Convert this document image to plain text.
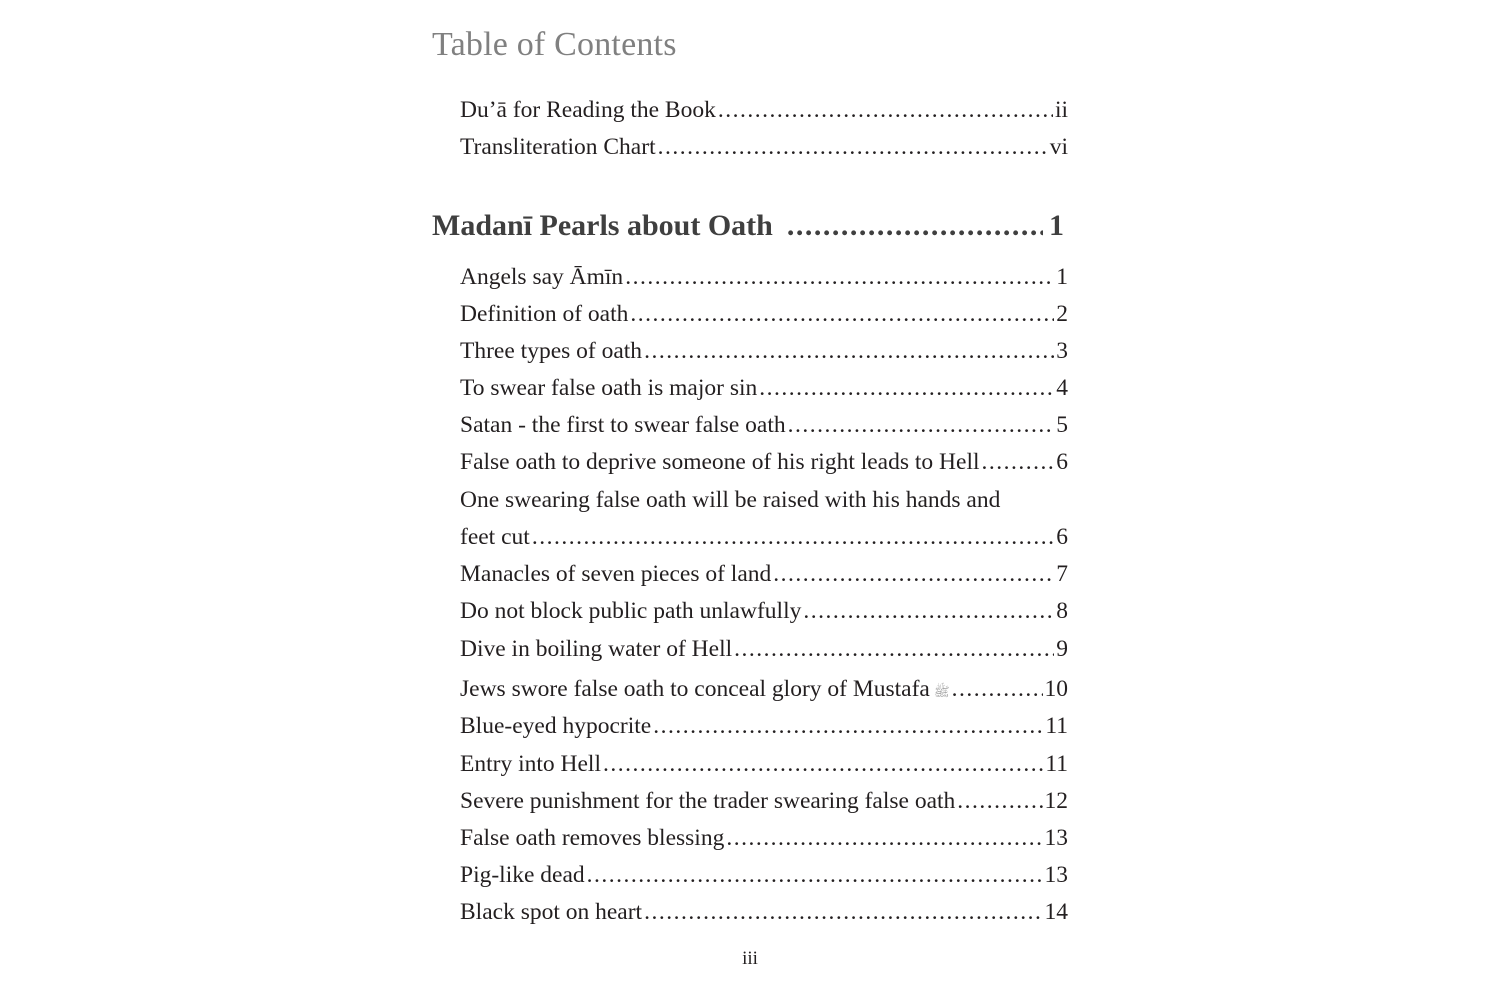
Table of Contents
Du’ā for Reading the Book .....	ii
Transliteration Chart .....	vi
Madanī Pearls about Oath .....	1
Angels say Āmīn .....	1
Definition of oath .....	2
Three types of oath .....	3
To swear false oath is major sin .....	4
Satan - the first to swear false oath .....	5
False oath to deprive someone of his right leads to Hell .....	6
One swearing false oath will be raised with his hands and
feet cut .....	6
Manacles of seven pieces of land .....	7
Do not block public path unlawfully .....	8
Dive in boiling water of Hell .....	9
Jews swore false oath to conceal glory of Mustafa ﷺ .....	10
Blue-eyed hypocrite .....	11
Entry into Hell .....	11
Severe punishment for the trader swearing false oath .....	12
False oath removes blessing .....	13
Pig-like dead .....	13
Black spot on heart .....	14
iii
